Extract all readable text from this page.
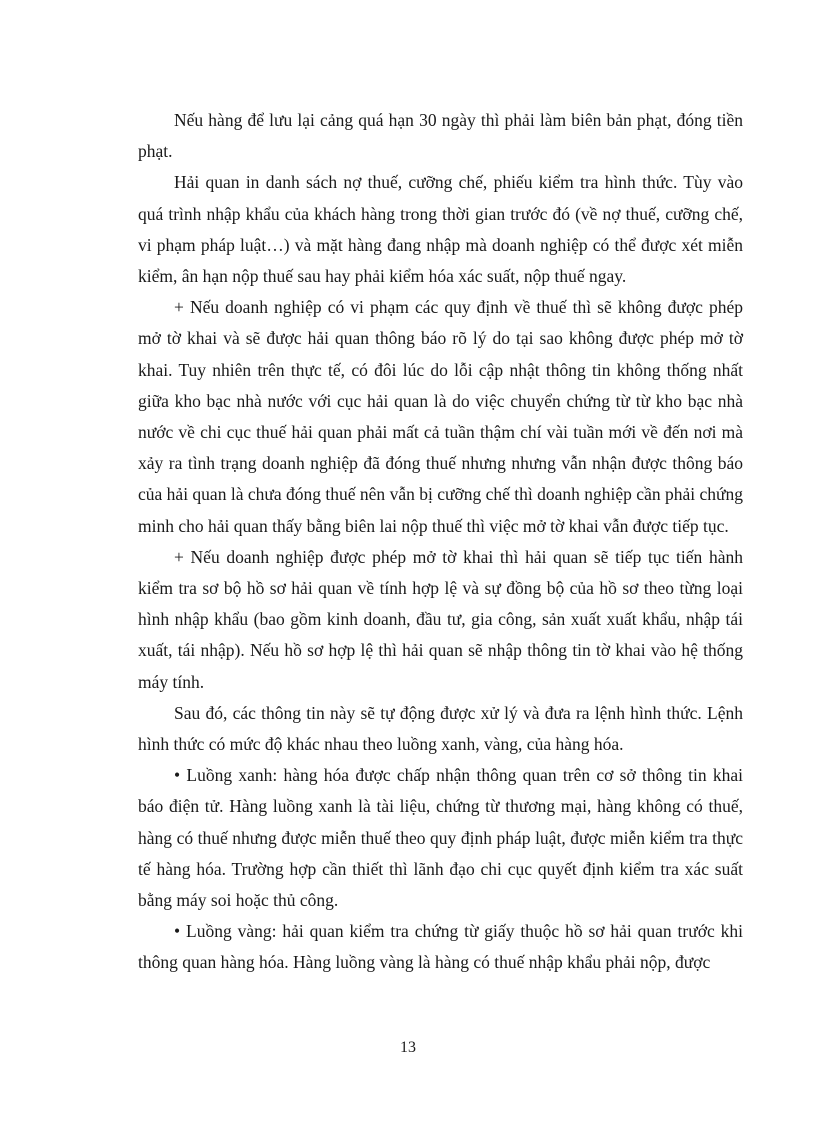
Nếu hàng để lưu lại cảng quá hạn 30 ngày thì phải làm biên bản phạt, đóng tiền phạt.

Hải quan in danh sách nợ thuế, cưỡng chế, phiếu kiểm tra hình thức. Tùy vào quá trình nhập khẩu của khách hàng trong thời gian trước đó (về nợ thuế, cưỡng chế, vi phạm pháp luật…) và mặt hàng đang nhập mà doanh nghiệp có thể được xét miễn kiểm, ân hạn nộp thuế sau hay phải kiểm hóa xác suất, nộp thuế ngay.

+ Nếu doanh nghiệp có vi phạm các quy định về thuế thì sẽ không được phép mở tờ khai và sẽ được hải quan thông báo rõ lý do tại sao không được phép mở tờ khai. Tuy nhiên trên thực tế, có đôi lúc do lỗi cập nhật thông tin không thống nhất giữa kho bạc nhà nước với cục hải quan là do việc chuyển chứng từ từ kho bạc nhà nước về chi cục thuế hải quan phải mất cả tuần thậm chí vài tuần mới về đến nơi mà xảy ra tình trạng doanh nghiệp đã đóng thuế nhưng nhưng vẫn nhận được thông báo của hải quan là chưa đóng thuế nên vẫn bị cưỡng chế thì doanh nghiệp cần phải chứng minh cho hải quan thấy bằng biên lai nộp thuế thì việc mở tờ khai vẫn được tiếp tục.

+ Nếu doanh nghiệp được phép mở tờ khai thì hải quan sẽ tiếp tục tiến hành kiểm tra sơ bộ hồ sơ hải quan về tính hợp lệ và sự đồng bộ của hồ sơ theo từng loại hình nhập khẩu (bao gồm kinh doanh, đầu tư, gia công, sản xuất xuất khẩu, nhập tái xuất, tái nhập). Nếu hồ sơ hợp lệ thì hải quan sẽ nhập thông tin tờ khai vào hệ thống máy tính.

Sau đó, các thông tin này sẽ tự động được xử lý và đưa ra lệnh hình thức. Lệnh hình thức có mức độ khác nhau theo luồng xanh, vàng, của hàng hóa.

• Luồng xanh: hàng hóa được chấp nhận thông quan trên cơ sở thông tin khai báo điện tử. Hàng luồng xanh là tài liệu, chứng từ thương mại, hàng không có thuế, hàng có thuế nhưng được miễn thuế theo quy định pháp luật, được miễn kiểm tra thực tế hàng hóa. Trường hợp cần thiết thì lãnh đạo chi cục quyết định kiểm tra xác suất bằng máy soi hoặc thủ công.

• Luồng vàng: hải quan kiểm tra chứng từ giấy thuộc hồ sơ hải quan trước khi thông quan hàng hóa. Hàng luồng vàng là hàng có thuế nhập khẩu phải nộp, được

13
